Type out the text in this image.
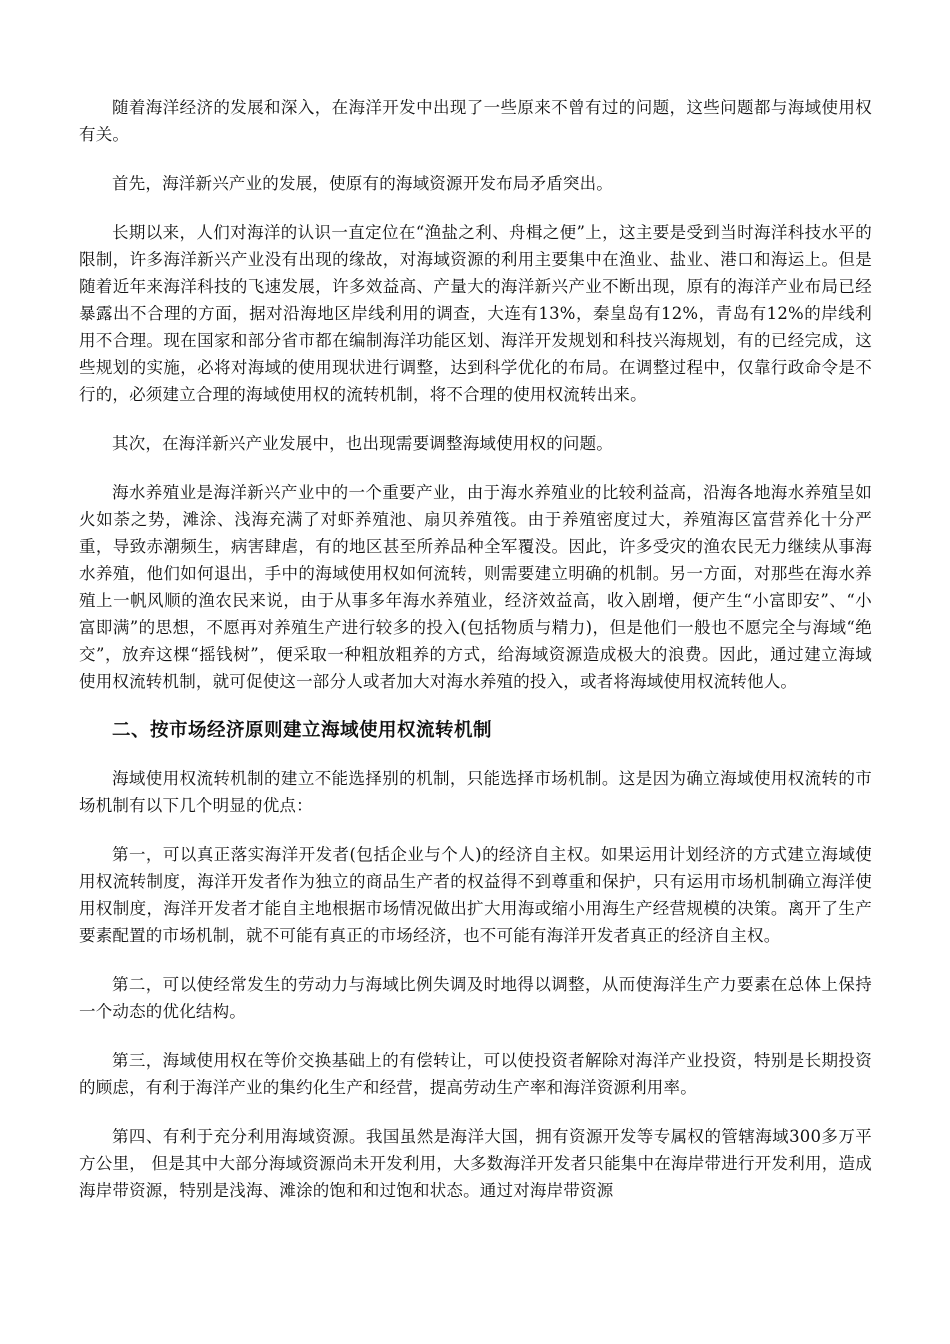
随着海洋经济的发展和深入，在海洋开发中出现了一些原来不曾有过的问题，这些问题都与海域使用权有关。

首先，海洋新兴产业的发展，使原有的海域资源开发布局矛盾突出。

长期以来，人们对海洋的认识一直定位在“渔盐之利、舟楫之便”上，这主要是受到当时海洋科技水平的限制，许多海洋新兴产业没有出现的缘故，对海域资源的利用主要集中在渔业、盐业、港口和海运上。但是随着近年来海洋科技的飞速发展，许多效益高、产量大的海洋新兴产业不断出现，原有的海洋产业布局已经暴露出不合理的方面，据对沿海地区岸线利用的调查，大连有13%，秦皇岛有12%，青岛有12%的岸线利用不合理。现在国家和部分省市都在编制海洋功能区划、海洋开发规划和科技兴海规划，有的已经完成，这些规划的实施，必将对海域的使用现状进行调整，达到科学优化的布局。在调整过程中，仅靠行政命令是不行的，必须建立合理的海域使用权的流转机制，将不合理的使用权流转出来。

其次，在海洋新兴产业发展中，也出现需要调整海域使用权的问题。

海水养殖业是海洋新兴产业中的一个重要产业，由于海水养殖业的比较利益高，沿海各地海水养殖呈如火如荼之势，滩涂、浅海充满了对虾养殖池、扇贝养殖筏。由于养殖密度过大，养殖海区富营养化十分严重，导致赤潮频生，病害肆虐，有的地区甚至所养品种全军覆没。因此，许多受灾的渔农民无力继续从事海水养殖，他们如何退出，手中的海域使用权如何流转，则需要建立明确的机制。另一方面，对那些在海水养殖上一帆风顺的渔农民来说，由于从事多年海水养殖业，经济效益高，收入剧增，便产生“小富即安”、“小富即满”的思想，不愿再对养殖生产进行较多的投入(包括物质与精力)，但是他们一般也不愿完全与海域“绝交”，放弃这棵“摇钱树”，便采取一种粗放粗养的方式，给海域资源造成极大的浪费。因此，通过建立海域使用权流转机制，就可促使这一部分人或者加大对海水养殖的投入，或者将海域使用权流转他人。

二、按市场经济原则建立海域使用权流转机制

海域使用权流转机制的建立不能选择别的机制，只能选择市场机制。这是因为确立海域使用权流转的市场机制有以下几个明显的优点：

第一，可以真正落实海洋开发者(包括企业与个人)的经济自主权。如果运用计划经济的方式建立海域使用权流转制度，海洋开发者作为独立的商品生产者的权益得不到尊重和保护，只有运用市场机制确立海洋使用权制度，海洋开发者才能自主地根据市场情况做出扩大用海或缩小用海生产经营规模的决策。离开了生产要素配置的市场机制，就不可能有真正的市场经济，也不可能有海洋开发者真正的经济自主权。

第二，可以使经常发生的劳动力与海域比例失调及时地得以调整，从而使海洋生产力要素在总体上保持一个动态的优化结构。

第三，海域使用权在等价交换基础上的有偿转让，可以使投资者解除对海洋产业投资，特别是长期投资的顾虑，有利于海洋产业的集约化生产和经营，提高劳动生产率和海洋资源利用率。

第四、有利于充分利用海域资源。我国虽然是海洋大国，拥有资源开发等专属权的管辖海域300多万平方公里， 但是其中大部分海域资源尚未开发利用，大多数海洋开发者只能集中在海岸带进行开发利用，造成海岸带资源，特别是浅海、滩涂的饱和和过饱和状态。通过对海岸带资源
